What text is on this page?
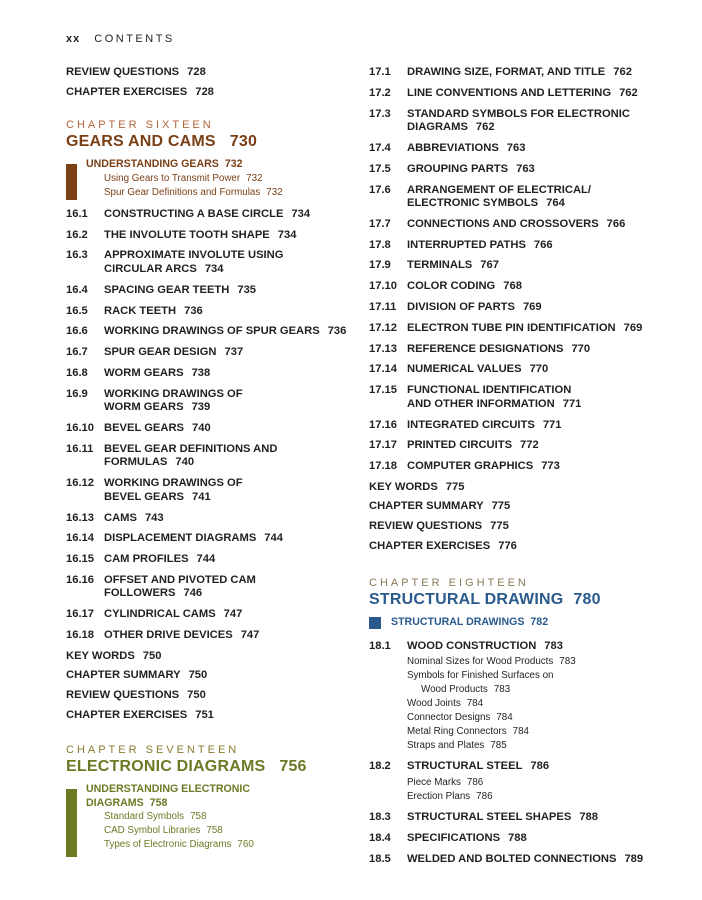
xx CONTENTS
REVIEW QUESTIONS 728
CHAPTER EXERCISES 728
CHAPTER SIXTEEN
GEARS AND CAMS 730
UNDERSTANDING GEARS 732
Using Gears to Transmit Power 732
Spur Gear Definitions and Formulas 732
16.1	CONSTRUCTING A BASE CIRCLE 734
16.2	THE INVOLUTE TOOTH SHAPE 734
16.3	APPROXIMATE INVOLUTE USING
CIRCULAR ARCS 734
16.4	SPACING GEAR TEETH 735
16.5	RACK TEETH 736
16.6	WORKING DRAWINGS OF SPUR GEARS 736
16.7	SPUR GEAR DESIGN 737
16.8	WORM GEARS 738
16.9	WORKING DRAWINGS OF
WORM GEARS 739
16.10 BEVEL GEARS 740
16.11 BEVEL GEAR DEFINITIONS AND
FORMULAS 740
16.12 WORKING DRAWINGS OF
BEVEL GEARS 741
16.13 CAMS 743
16.14 DISPLACEMENT DIAGRAMS 744
16.15 CAM PROFILES 744
16.16 OFFSET AND PIVOTED CAM
FOLLOWERS 746
16.17 CYLINDRICAL CAMS 747
16.18 OTHER DRIVE DEVICES 747
KEY WORDS 750
CHAPTER SUMMARY 750
REVIEW QUESTIONS 750
CHAPTER EXERCISES 751
CHAPTER SEVENTEEN
ELECTRONIC DIAGRAMS 756
UNDERSTANDING ELECTRONIC
DIAGRAMS 758
Standard Symbols 758
CAD Symbol Libraries 758
Types of Electronic Diagrams 760
17.1	DRAWING SIZE, FORMAT, AND TITLE 762
17.2	LINE CONVENTIONS AND LETTERING 762
17.3	STANDARD SYMBOLS FOR ELECTRONIC
DIAGRAMS 762
17.4	ABBREVIATIONS 763
17.5	GROUPING PARTS 763
17.6	ARRANGEMENT OF ELECTRICAL/
ELECTRONIC SYMBOLS 764
17.7	CONNECTIONS AND CROSSOVERS 766
17.8	INTERRUPTED PATHS 766
17.9	TERMINALS 767
17.10 COLOR CODING 768
17.11 DIVISION OF PARTS 769
17.12 ELECTRON TUBE PIN IDENTIFICATION 769
17.13 REFERENCE DESIGNATIONS 770
17.14 NUMERICAL VALUES 770
17.15 FUNCTIONAL IDENTIFICATION
AND OTHER INFORMATION 771
17.16 INTEGRATED CIRCUITS 771
17.17 PRINTED CIRCUITS 772
17.18 COMPUTER GRAPHICS 773
KEY WORDS 775
CHAPTER SUMMARY 775
REVIEW QUESTIONS 775
CHAPTER EXERCISES 776
CHAPTER EIGHTEEN
STRUCTURAL DRAWING 780
STRUCTURAL DRAWINGS 782
18.1	WOOD CONSTRUCTION 783
Nominal Sizes for Wood Products 783
Symbols for Finished Surfaces on
Wood Products 783
Wood Joints 784
Connector Designs 784
Metal Ring Connectors 784
Straps and Plates 785
18.2	STRUCTURAL STEEL 786
Piece Marks 786
Erection Plans 786
18.3	STRUCTURAL STEEL SHAPES 788
18.4	SPECIFICATIONS 788
18.5	WELDED AND BOLTED CONNECTIONS 789
